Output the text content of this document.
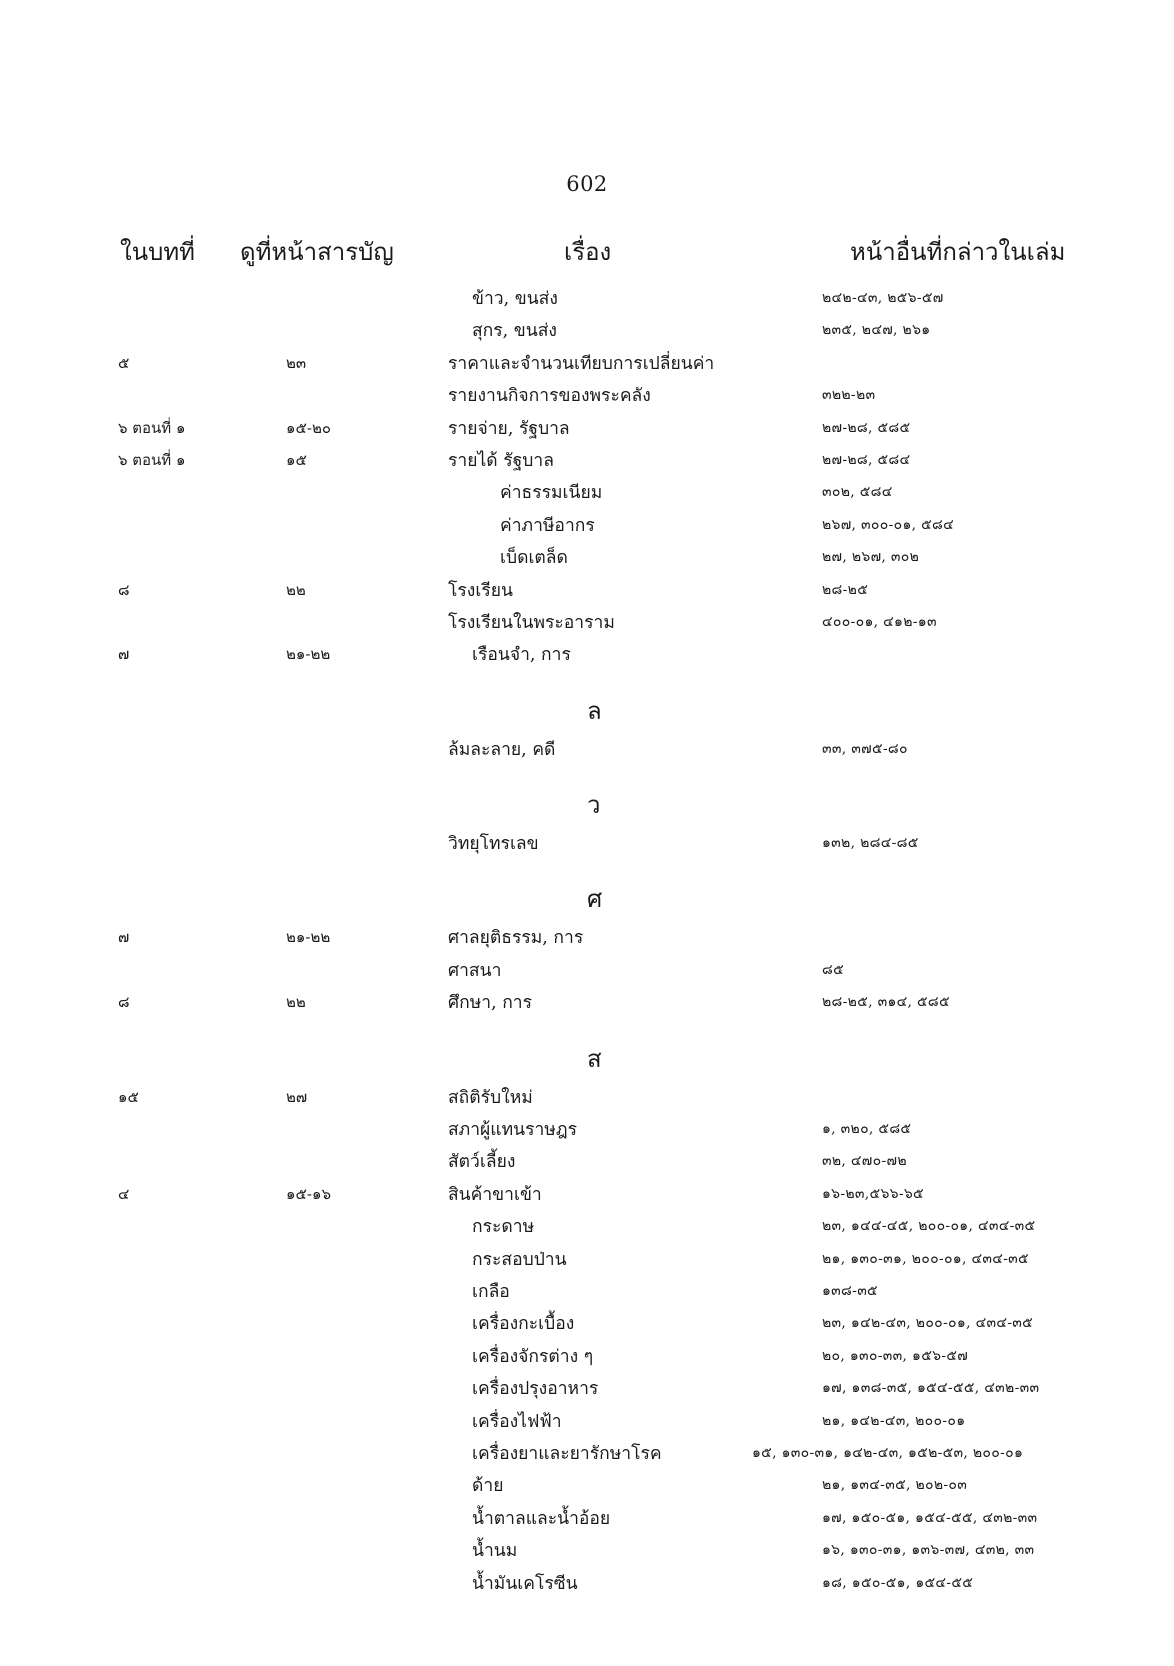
602
ในบทที่ ดูที่หน้าสารบัญ	เรื่อง	หน้าอื่นที่กล่าวในเล่ม
ข้าว, ขนส่ง	๒๔๒-๔๓, ๒๕๖-๕๗
สุกร, ขนส่ง	๒๓๕, ๒๔๗, ๒๖๑
๕	๒๓	ราคาและจำนวนเทียบการเปลี่ยนค่า
รายงานกิจการของพระคลัง	๓๒๒-๒๓
๖ ตอนที่ ๑	๑๕-๒๐	รายจ่าย, รัฐบาล	๒๗-๒๘, ๕๘๕
๖ ตอนที่ ๑	๑๕	รายได้ รัฐบาล	๒๗-๒๘, ๕๘๔
ค่าธรรมเนียม	๓๐๒, ๕๘๔
ค่าภาษีอากร	๒๖๗, ๓๐๐-๐๑, ๕๘๔
เบ็ดเตล็ด	๒๗, ๒๖๗, ๓๐๒
๘	๒๒	โรงเรียน	๒๘-๒๕
โรงเรียนในพระอาราม	๔๐๐-๐๑, ๔๑๒-๑๓
๗	๒๑-๒๒	เรือนจำ, การ
ล
ล้มละลาย, คดี	๓๓, ๓๗๕-๘๐
ว
วิทยุโทรเลข	๑๓๒, ๒๘๔-๘๕
ศ
๗	๒๑-๒๒	ศาลยุติธรรม, การ
ศาสนา	๘๕
๘	๒๒	ศึกษา, การ	๒๘-๒๕, ๓๑๔, ๕๘๕
ส
๑๕	๒๗	สถิติรับใหม่
สภาผู้แทนราษฎร	๑, ๓๒๐, ๕๘๕
สัตว์เลี้ยง	๓๒, ๔๗๐-๗๒
๔	๑๕-๑๖	สินค้าขาเข้า	๑๖-๒๓,๕๖๖-๖๕
กระดาษ	๒๓, ๑๔๔-๔๕, ๒๐๐-๐๑, ๔๓๔-๓๕
กระสอบป่าน	๒๑, ๑๓๐-๓๑, ๒๐๐-๐๑, ๔๓๔-๓๕
เกลือ	๑๓๘-๓๕
เครื่องกะเบื้อง	๒๓, ๑๔๒-๔๓, ๒๐๐-๐๑, ๔๓๔-๓๕
เครื่องจักรต่าง ๆ	๒๐, ๑๓๐-๓๓, ๑๕๖-๕๗
เครื่องปรุงอาหาร	๑๗, ๑๓๘-๓๕, ๑๕๔-๕๕, ๔๓๒-๓๓
เครื่องไฟฟ้า	๒๑, ๑๔๒-๔๓, ๒๐๐-๐๑
เครื่องยาและยารักษาโรค	๑๕, ๑๓๐-๓๑, ๑๔๒-๔๓, ๑๕๒-๕๓, ๒๐๐-๐๑
ด้าย	๒๑, ๑๓๔-๓๕, ๒๐๒-๐๓
น้ำตาลและน้ำอ้อย	๑๗, ๑๕๐-๕๑, ๑๕๔-๕๕, ๔๓๒-๓๓
น้ำนม	๑๖, ๑๓๐-๓๑, ๑๓๖-๓๗, ๔๓๒, ๓๓
น้ำมันเคโรซีน	๑๘, ๑๕๐-๕๑, ๑๕๔-๕๕
